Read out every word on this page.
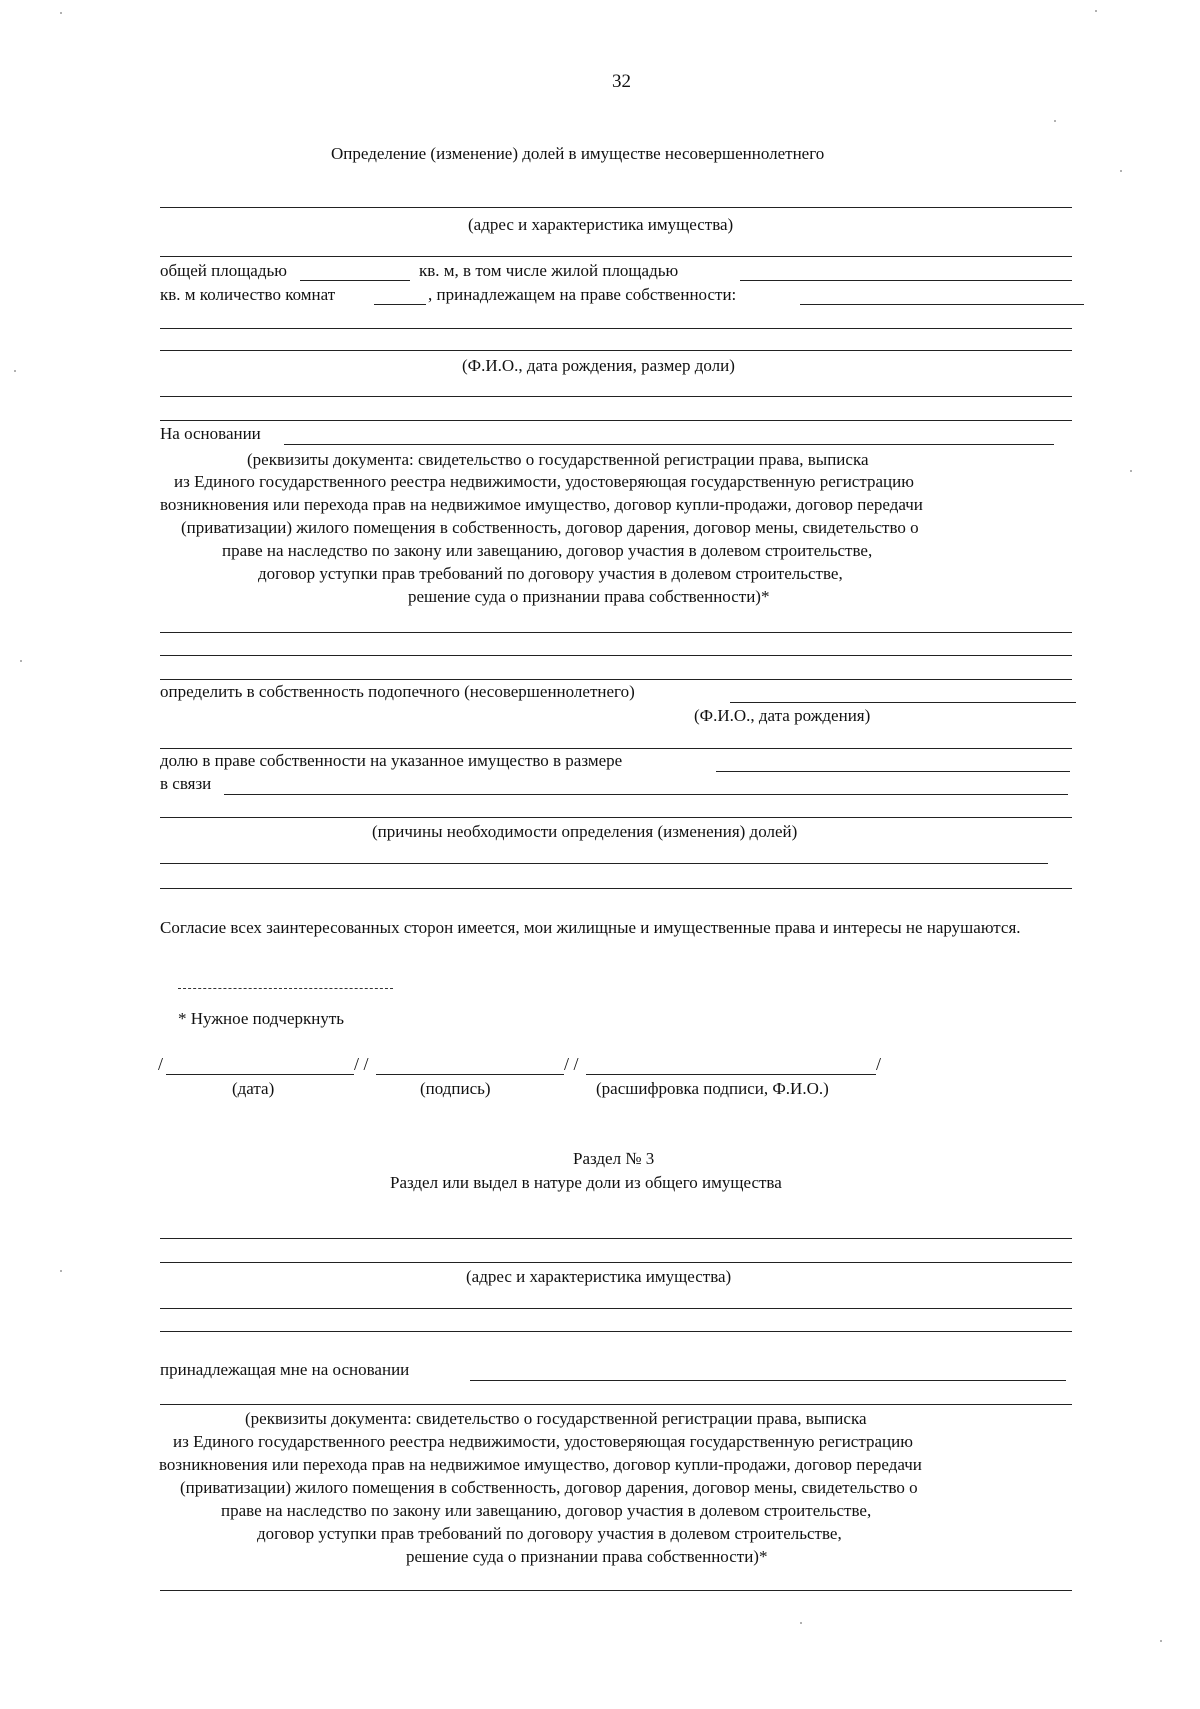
32
Определение (изменение) долей в имуществе несовершеннолетнего
(адрес и характеристика имущества)
общей площадью	кв. м, в том числе жилой площадью
кв. м количество комнат	, принадлежащем на праве собственности:
(Ф.И.О., дата рождения, размер доли)
На основании
(реквизиты документа: свидетельство о государственной регистрации права, выписка
из Единого государственного реестра недвижимости, удостоверяющая государственную регистрацию
возникновения или перехода прав на недвижимое имущество, договор купли-продажи, договор передачи
(приватизации) жилого помещения в собственность, договор дарения, договор мены, свидетельство о
праве на наследство по закону или завещанию, договор участия в долевом строительстве,
договор уступки прав требований по договору участия в долевом строительстве,
решение суда о признании права собственности)*
определить в собственность подопечного (несовершеннолетнего)
(Ф.И.О., дата рождения)
долю в праве собственности на указанное имущество в размере
в связи
(причины необходимости определения (изменения) долей)
Согласие всех заинтересованных сторон имеется, мои жилищные и имущественные права и интересы не нарушаются.
* Нужное подчеркнуть
/	/ /	/ /	/
(дата)	(подпись)	(расшифровка подписи, Ф.И.О.)
Раздел № 3
Раздел или выдел в натуре доли из общего имущества
(адрес и характеристика имущества)
принадлежащая мне на основании
(реквизиты документа: свидетельство о государственной регистрации права, выписка
из Единого государственного реестра недвижимости, удостоверяющая государственную регистрацию
возникновения или перехода прав на недвижимое имущество, договор купли-продажи, договор передачи
(приватизации) жилого помещения в собственность, договор дарения, договор мены, свидетельство о
праве на наследство по закону или завещанию, договор участия в долевом строительстве,
договор уступки прав требований по договору участия в долевом строительстве,
решение суда о признании права собственности)*
